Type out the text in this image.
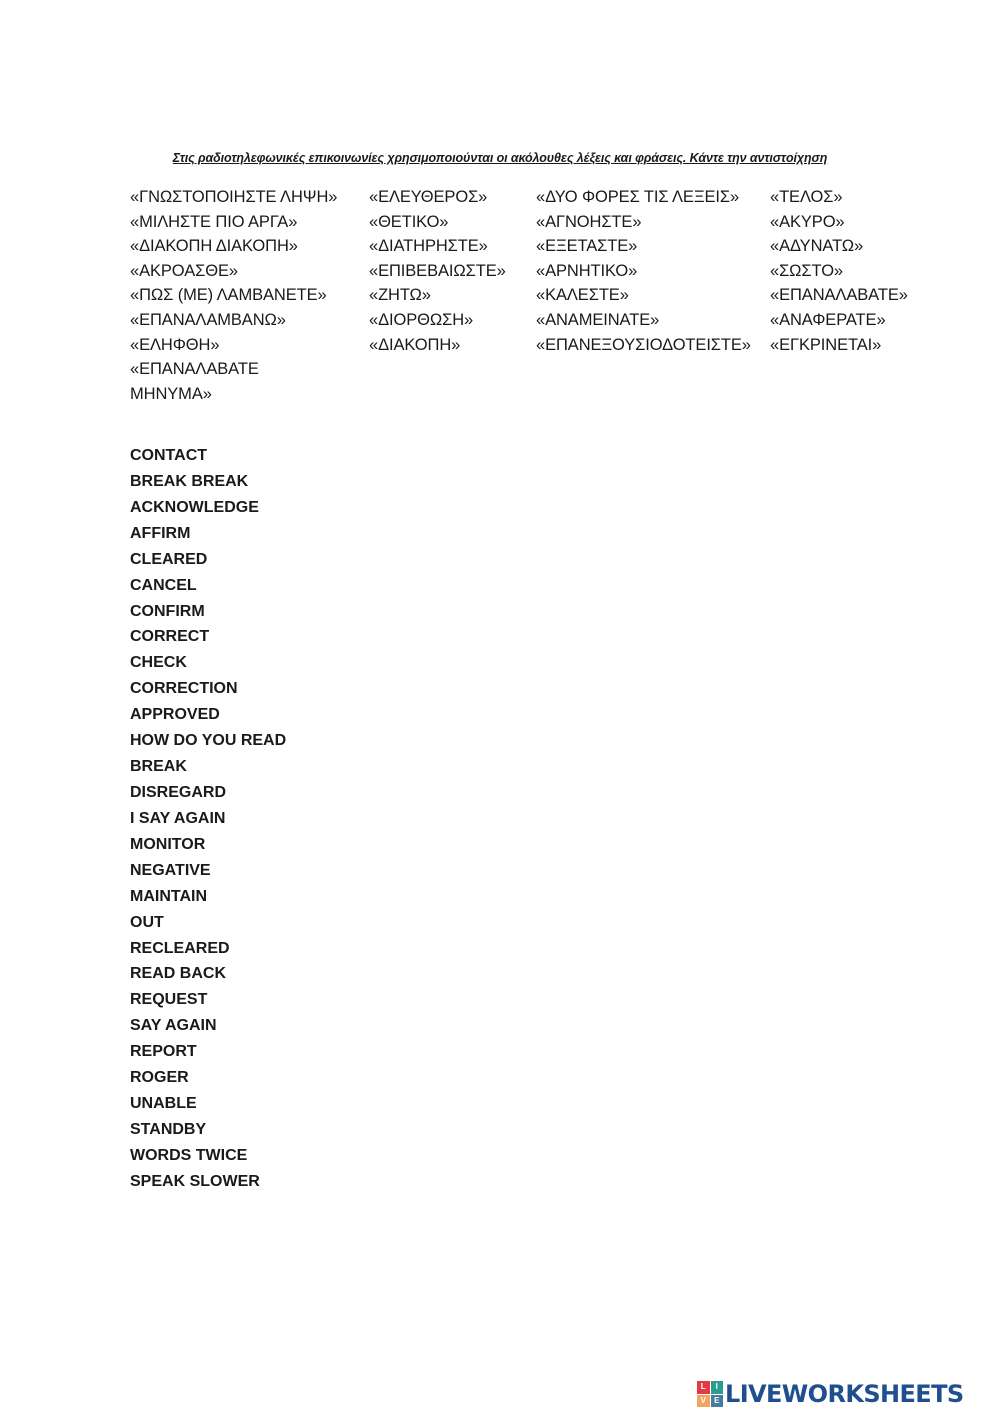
Στις ραδιοτηλεφωνικές επικοινωνίες χρησιμοποιούνται οι ακόλουθες λέξεις και φράσεις. Κάντε την αντιστοίχηση
«ΓΝΩΣΤΟΠΟΙΗΣΤΕ ΛΗΨΗ»
«ΜΙΛΗΣΤΕ ΠΙΟ ΑΡΓΑ»
«ΔΙΑΚΟΠΗ ΔΙΑΚΟΠΗ»
«ΑΚΡΟΑΣΘΕ»
«ΠΩΣ (ΜΕ) ΛΑΜΒΑΝΕΤΕ»
«ΕΠΑΝΑΛΑΜΒΑΝΩ»
«ΕΛΗΦΘΗ»
«ΕΠΑΝΑΛΑΒΑΤΕ ΜΗΝΥΜΑ»
«ΕΛΕΥΘΕΡΟΣ»
«ΘΕΤΙΚΟ»
«ΔΙΑΤΗΡΗΣΤΕ»
«ΕΠΙΒΕΒΑΙΩΣΤΕ»
«ΖΗΤΩ»
«ΔΙΟΡΘΩΣΗ»
«ΔΙΑΚΟΠΗ»
«ΔΥΟ ΦΟΡΕΣ ΤΙΣ ΛΕΞΕΙΣ»
«ΑΓΝΟΗΣΤΕ»
«ΕΞΕΤΑΣΤΕ»
«ΑΡΝΗΤΙΚΟ»
«ΚΑΛΕΣΤΕ»
«ΑΝΑΜΕΙΝΑΤΕ»
«ΕΠΑΝΕΞΟΥΣΙΟΔΟΤΕΙΣΤΕ»
«ΤΕΛΟΣ»
«ΑΚΥΡΟ»
«ΑΔΥΝΑΤΩ»
«ΣΩΣΤΟ»
«ΕΠΑΝΑΛΑΒΑΤΕ»
«ΑΝΑΦΕΡΑΤΕ»
«ΕΓΚΡΙΝΕΤΑΙ»
CONTACT
BREAK BREAK
ACKNOWLEDGE
AFFIRM
CLEARED
CANCEL
CONFIRM
CORRECT
CHECK
CORRECTION
APPROVED
HOW DO YOU READ
BREAK
DISREGARD
I SAY AGAIN
MONITOR
NEGATIVE
MAINTAIN
OUT
RECLEARED
READ BACK
REQUEST
SAY AGAIN
REPORT
ROGER
UNABLE
STANDBY
WORDS TWICE
SPEAK SLOWER
L	I
V	E LIVEWORKSHEETS
